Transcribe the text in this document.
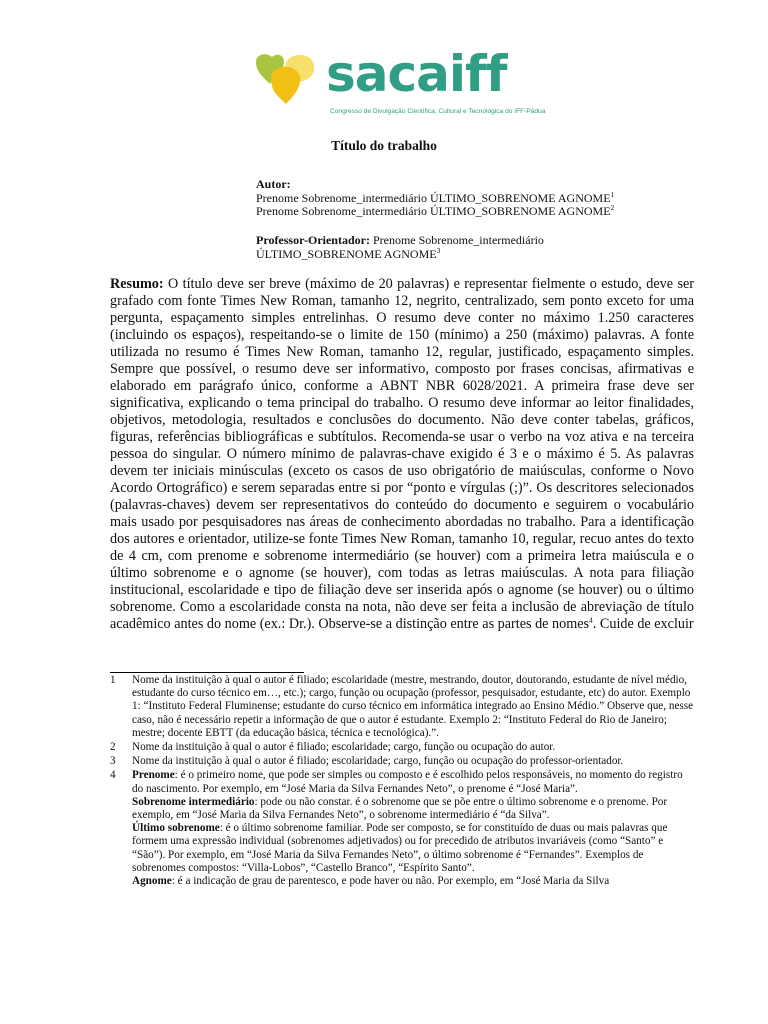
sacaiff
Congresso de Divulgação Científica, Cultural e Tecnológica do IFF-Pádua
Título do trabalho
Autor:
Prenome Sobrenome_intermediário ÚLTIMO_SOBRENOME AGNOME$^1$
Prenome Sobrenome_intermediário ÚLTIMO_SOBRENOME AGNOME$^2$
Professor-Orientador: Prenome Sobrenome_intermediário
ÚLTIMO_SOBRENOME AGNOME$^3$

Resumo: O título deve ser breve (máximo de 20 palavras) e representar fielmente o estudo, deve ser grafado com fonte Times New Roman, tamanho 12, negrito, centralizado, sem ponto exceto for uma pergunta, espaçamento simples entrelinhas. O resumo deve conter no máximo 1.250 caracteres (incluindo os espaços), respeitando-se o limite de 150 (mínimo) a 250 (máximo) palavras. A fonte utilizada no resumo é Times New Roman, tamanho 12, regular, justificado, espaçamento simples. Sempre que possível, o resumo deve ser informativo, composto por frases concisas, afirmativas e elaborado em parágrafo único, conforme a ABNT NBR 6028/2021. A primeira frase deve ser significativa, explicando o tema principal do trabalho. O resumo deve informar ao leitor finalidades, objetivos, metodologia, resultados e conclusões do documento. Não deve conter tabelas, gráficos, figuras, referências bibliográficas e subtítulos. Recomenda-se usar o verbo na voz ativa e na terceira pessoa do singular. O número mínimo de palavras-chave exigido é 3 e o máximo é 5. As palavras devem ter iniciais minúsculas (exceto os casos de uso obrigatório de maiúsculas, conforme o Novo Acordo Ortográfico) e serem separadas entre si por “ponto e vírgulas (;)”. Os descritores selecionados (palavras-chaves) devem ser representativos do conteúdo do documento e seguirem o vocabulário mais usado por pesquisadores nas áreas de conhecimento abordadas no trabalho. Para a identificação dos autores e orientador, utilize-se fonte Times New Roman, tamanho 10, regular, recuo antes do texto de 4 cm, com prenome e sobrenome intermediário (se houver) com a primeira letra maiúscula e o último sobrenome e o agnome (se houver), com todas as letras maiúsculas. A nota para filiação institucional, escolaridade e tipo de filiação deve ser inserida após o agnome (se houver) ou o último sobrenome. Como a escolaridade consta na nota, não deve ser feita a inclusão de abreviação de título acadêmico antes do nome (ex.: Dr.). Observe-se a distinção entre as partes de nomes$^4$. Cuide de excluir

1 Nome da instituição à qual o autor é filiado; escolaridade (mestre, mestrando, doutor, doutorando, estudante de nível médio, estudante do curso técnico em…, etc.); cargo, função ou ocupação (professor, pesquisador, estudante, etc) do autor. Exemplo 1: “Instituto Federal Fluminense; estudante do curso técnico em informática integrado ao Ensino Médio.” Observe que, nesse caso, não é necessário repetir a informação de que o autor é estudante. Exemplo 2: “Instituto Federal do Rio de Janeiro; mestre; docente EBTT (da educação básica, técnica e tecnológica).”.

2 Nome da instituição à qual o autor é filiado; escolaridade; cargo, função ou ocupação do autor.

3 Nome da instituição à qual o autor é filiado; escolaridade; cargo, função ou ocupação do professor-orientador.

4 Prenome: é o primeiro nome, que pode ser simples ou composto e é escolhido pelos responsáveis, no momento do registro do nascimento. Por exemplo, em “José Maria da Silva Fernandes Neto”, o prenome é “José Maria”.

Sobrenome intermediário: pode ou não constar. é o sobrenome que se põe entre o último sobrenome e o prenome. Por exemplo, em “José Maria da Silva Fernandes Neto”, o sobrenome intermediário é “da Silva”.

Último sobrenome: é o último sobrenome familiar. Pode ser composto, se for constituído de duas ou mais palavras que formem uma expressão individual (sobrenomes adjetivados) ou for precedido de atributos invariáveis (como “Santo” e “São”). Por exemplo, em “José Maria da Silva Fernandes Neto”, o último sobrenome é “Fernandes”. Exemplos de sobrenomes compostos: “Villa-Lobos”, “Castello Branco”, “Espírito Santo”.

Agnome: é a indicação de grau de parentesco, e pode haver ou não. Por exemplo, em “José Maria da Silva
